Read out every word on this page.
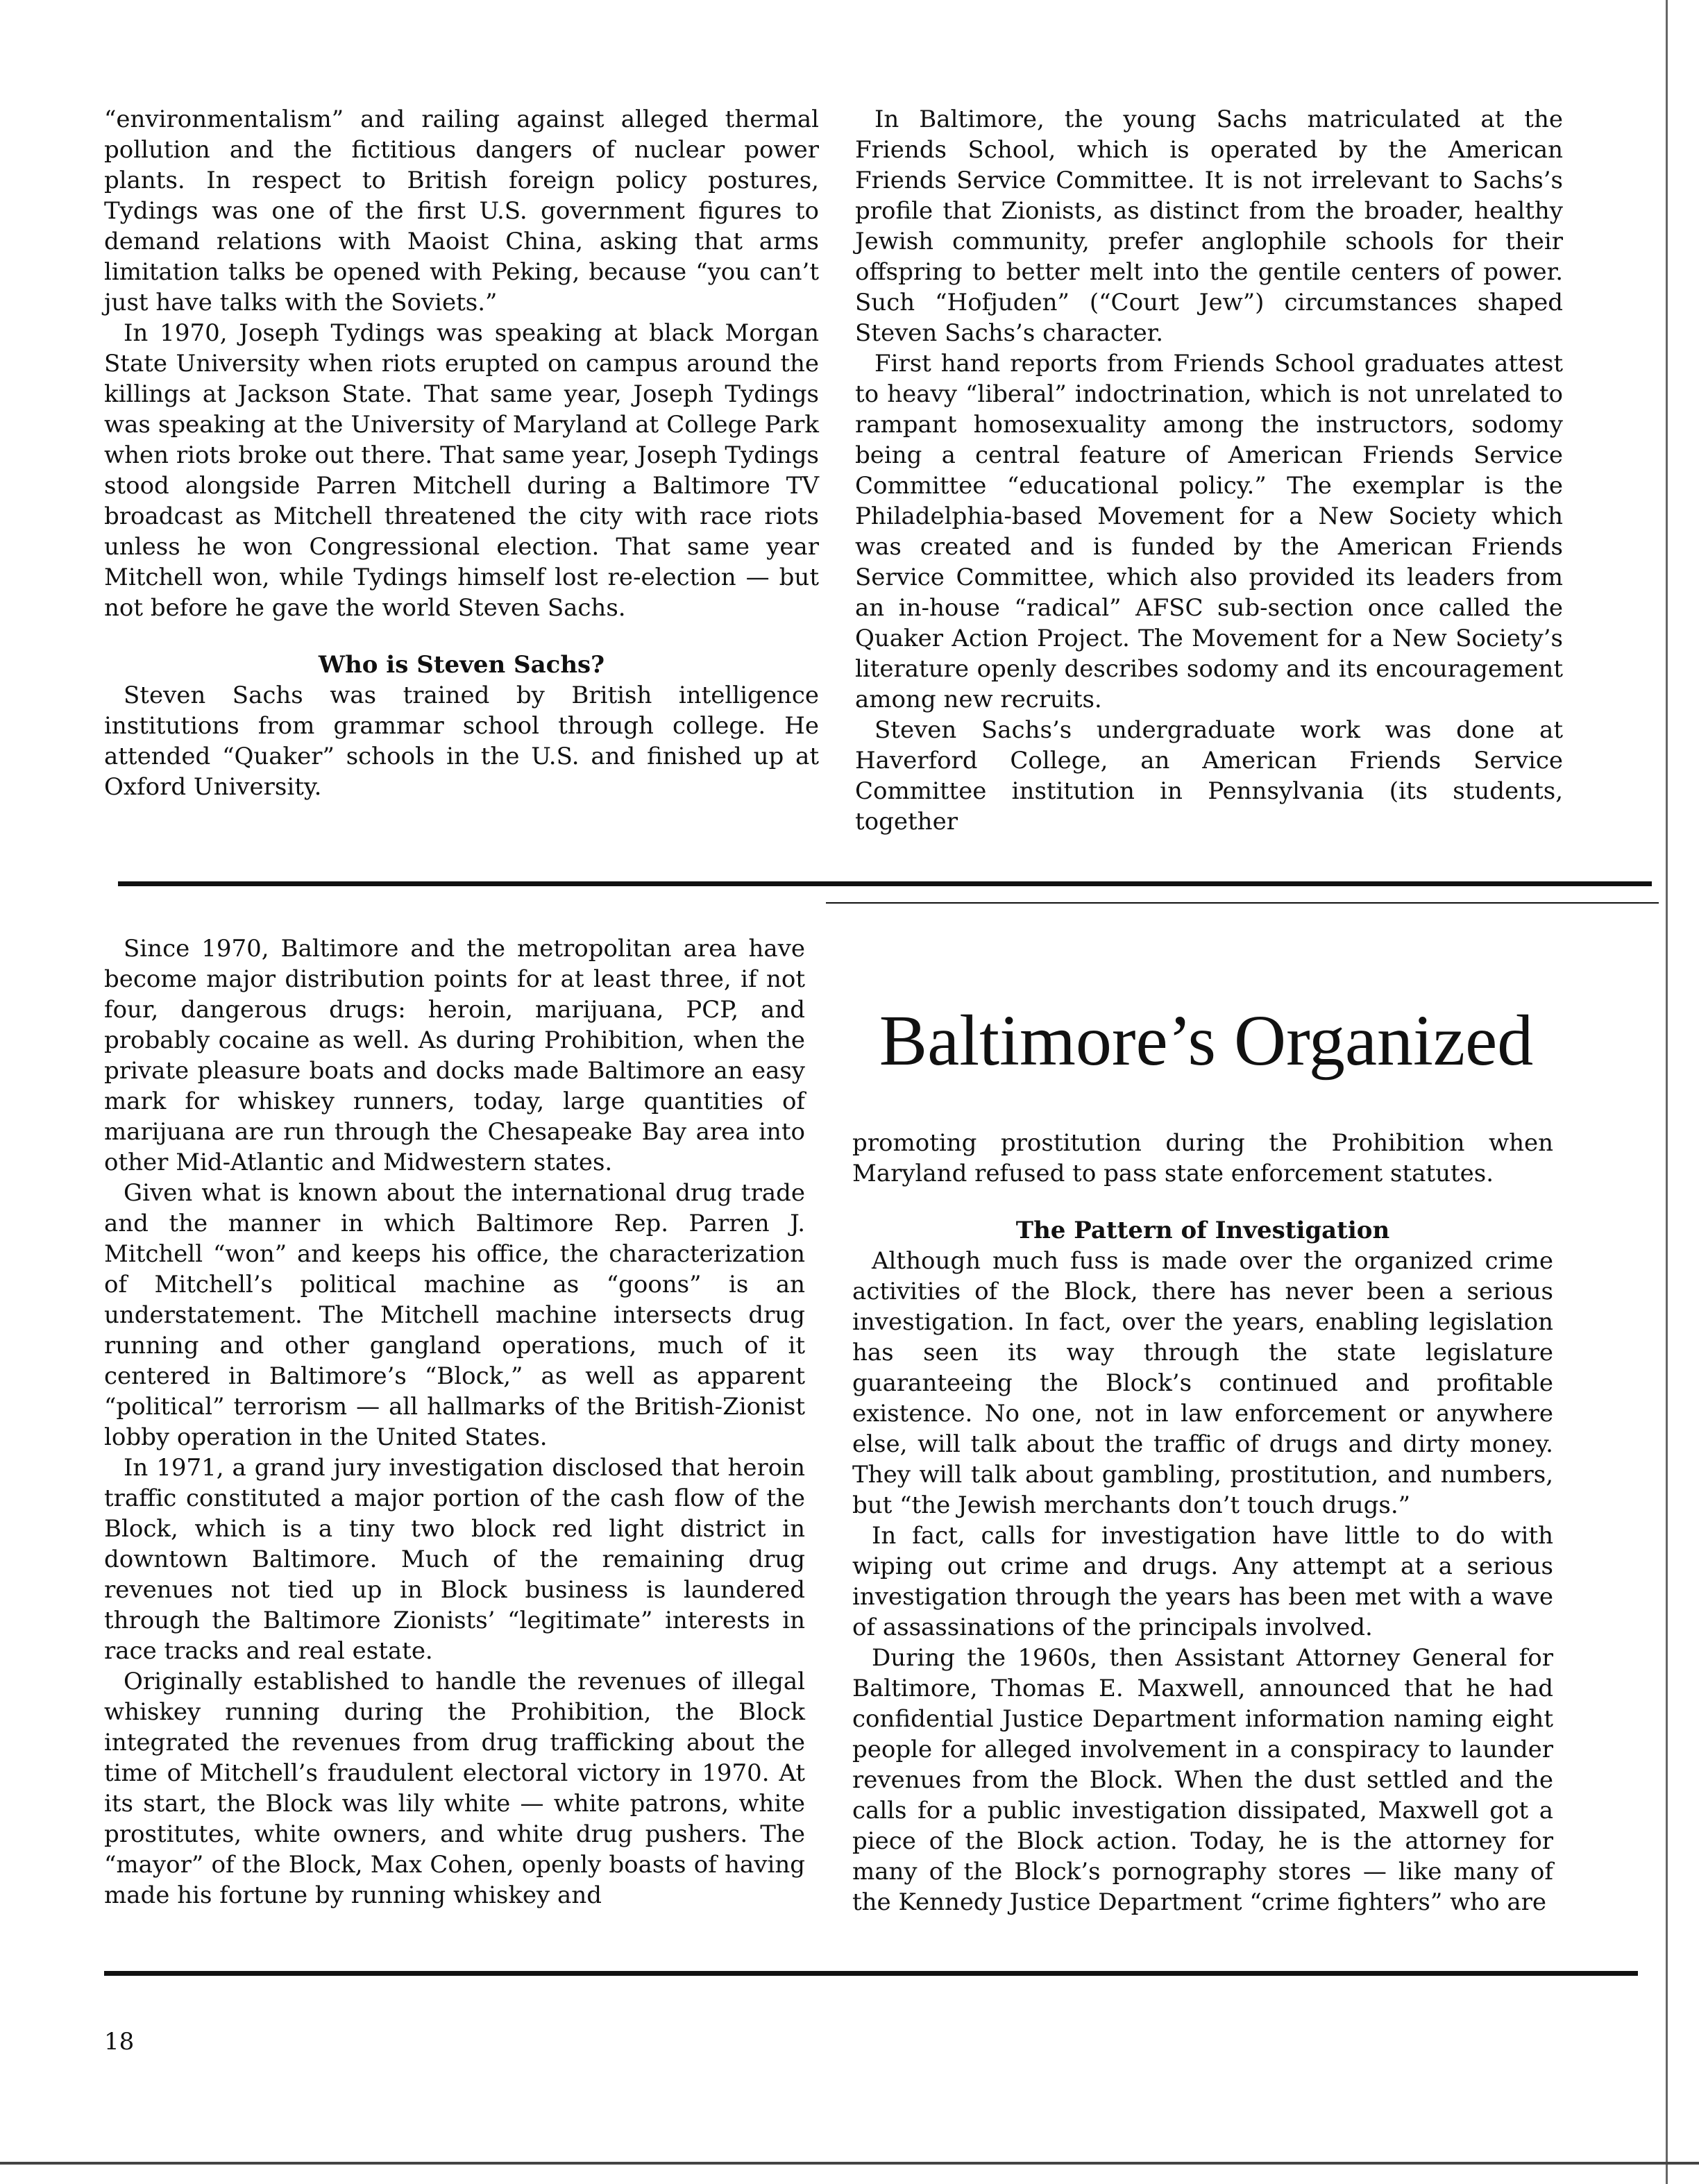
“environmentalism” and railing against alleged thermal pollution and the fictitious dangers of nuclear power plants. In respect to British foreign policy postures, Tydings was one of the first U.S. government figures to demand relations with Maoist China, asking that arms limitation talks be opened with Peking, because “you can’t just have talks with the Soviets.”

In 1970, Joseph Tydings was speaking at black Morgan State University when riots erupted on campus around the killings at Jackson State. That same year, Joseph Tydings was speaking at the University of Maryland at College Park when riots broke out there. That same year, Joseph Tydings stood alongside Parren Mitchell during a Baltimore TV broadcast as Mitchell threatened the city with race riots unless he won Congressional election. That same year Mitchell won, while Tydings himself lost re-election — but not before he gave the world Steven Sachs.

Who is Steven Sachs?

Steven Sachs was trained by British intelligence institutions from grammar school through college. He attended “Quaker” schools in the U.S. and finished up at Oxford University.

In Baltimore, the young Sachs matriculated at the Friends School, which is operated by the American Friends Service Committee. It is not irrelevant to Sachs’s profile that Zionists, as distinct from the broader, healthy Jewish community, prefer anglophile schools for their offspring to better melt into the gentile centers of power. Such “Hofjuden” (“Court Jew”) circumstances shaped Steven Sachs’s character.

First hand reports from Friends School graduates attest to heavy “liberal” indoctrination, which is not unrelated to rampant homosexuality among the instructors, sodomy being a central feature of American Friends Service Committee “educational policy.” The exemplar is the Philadelphia-based Movement for a New Society which was created and is funded by the American Friends Service Committee, which also provided its leaders from an in-house “radical” AFSC sub-section once called the Quaker Action Project. The Movement for a New Society’s literature openly describes sodomy and its encouragement among new recruits.

Steven Sachs’s undergraduate work was done at Haverford College, an American Friends Service Committee institution in Pennsylvania (its students, together

Baltimore’s Organized

Since 1970, Baltimore and the metropolitan area have become major distribution points for at least three, if not four, dangerous drugs: heroin, marijuana, PCP, and probably cocaine as well. As during Prohibition, when the private pleasure boats and docks made Baltimore an easy mark for whiskey runners, today, large quantities of marijuana are run through the Chesapeake Bay area into other Mid-Atlantic and Midwestern states.

Given what is known about the international drug trade and the manner in which Baltimore Rep. Parren J. Mitchell “won” and keeps his office, the characterization of Mitchell’s political machine as “goons” is an understatement. The Mitchell machine intersects drug running and other gangland operations, much of it centered in Baltimore’s “Block,” as well as apparent “political” terrorism — all hallmarks of the British-Zionist lobby operation in the United States.

In 1971, a grand jury investigation disclosed that heroin traffic constituted a major portion of the cash flow of the Block, which is a tiny two block red light district in downtown Baltimore. Much of the remaining drug revenues not tied up in Block business is laundered through the Baltimore Zionists’ “legitimate” interests in race tracks and real estate.

Originally established to handle the revenues of illegal whiskey running during the Prohibition, the Block integrated the revenues from drug trafficking about the time of Mitchell’s fraudulent electoral victory in 1970. At its start, the Block was lily white — white patrons, white prostitutes, white owners, and white drug pushers. The “mayor” of the Block, Max Cohen, openly boasts of having made his fortune by running whiskey and

promoting prostitution during the Prohibition when Maryland refused to pass state enforcement statutes.

The Pattern of Investigation

Although much fuss is made over the organized crime activities of the Block, there has never been a serious investigation. In fact, over the years, enabling legislation has seen its way through the state legislature guaranteeing the Block’s continued and profitable existence. No one, not in law enforcement or anywhere else, will talk about the traffic of drugs and dirty money. They will talk about gambling, prostitution, and numbers, but “the Jewish merchants don’t touch drugs.”

In fact, calls for investigation have little to do with wiping out crime and drugs. Any attempt at a serious investigation through the years has been met with a wave of assassinations of the principals involved.

During the 1960s, then Assistant Attorney General for Baltimore, Thomas E. Maxwell, announced that he had confidential Justice Department information naming eight people for alleged involvement in a conspiracy to launder revenues from the Block. When the dust settled and the calls for a public investigation dissipated, Maxwell got a piece of the Block action. Today, he is the attorney for many of the Block’s pornography stores — like many of the Kennedy Justice Department “crime fighters” who are

18
